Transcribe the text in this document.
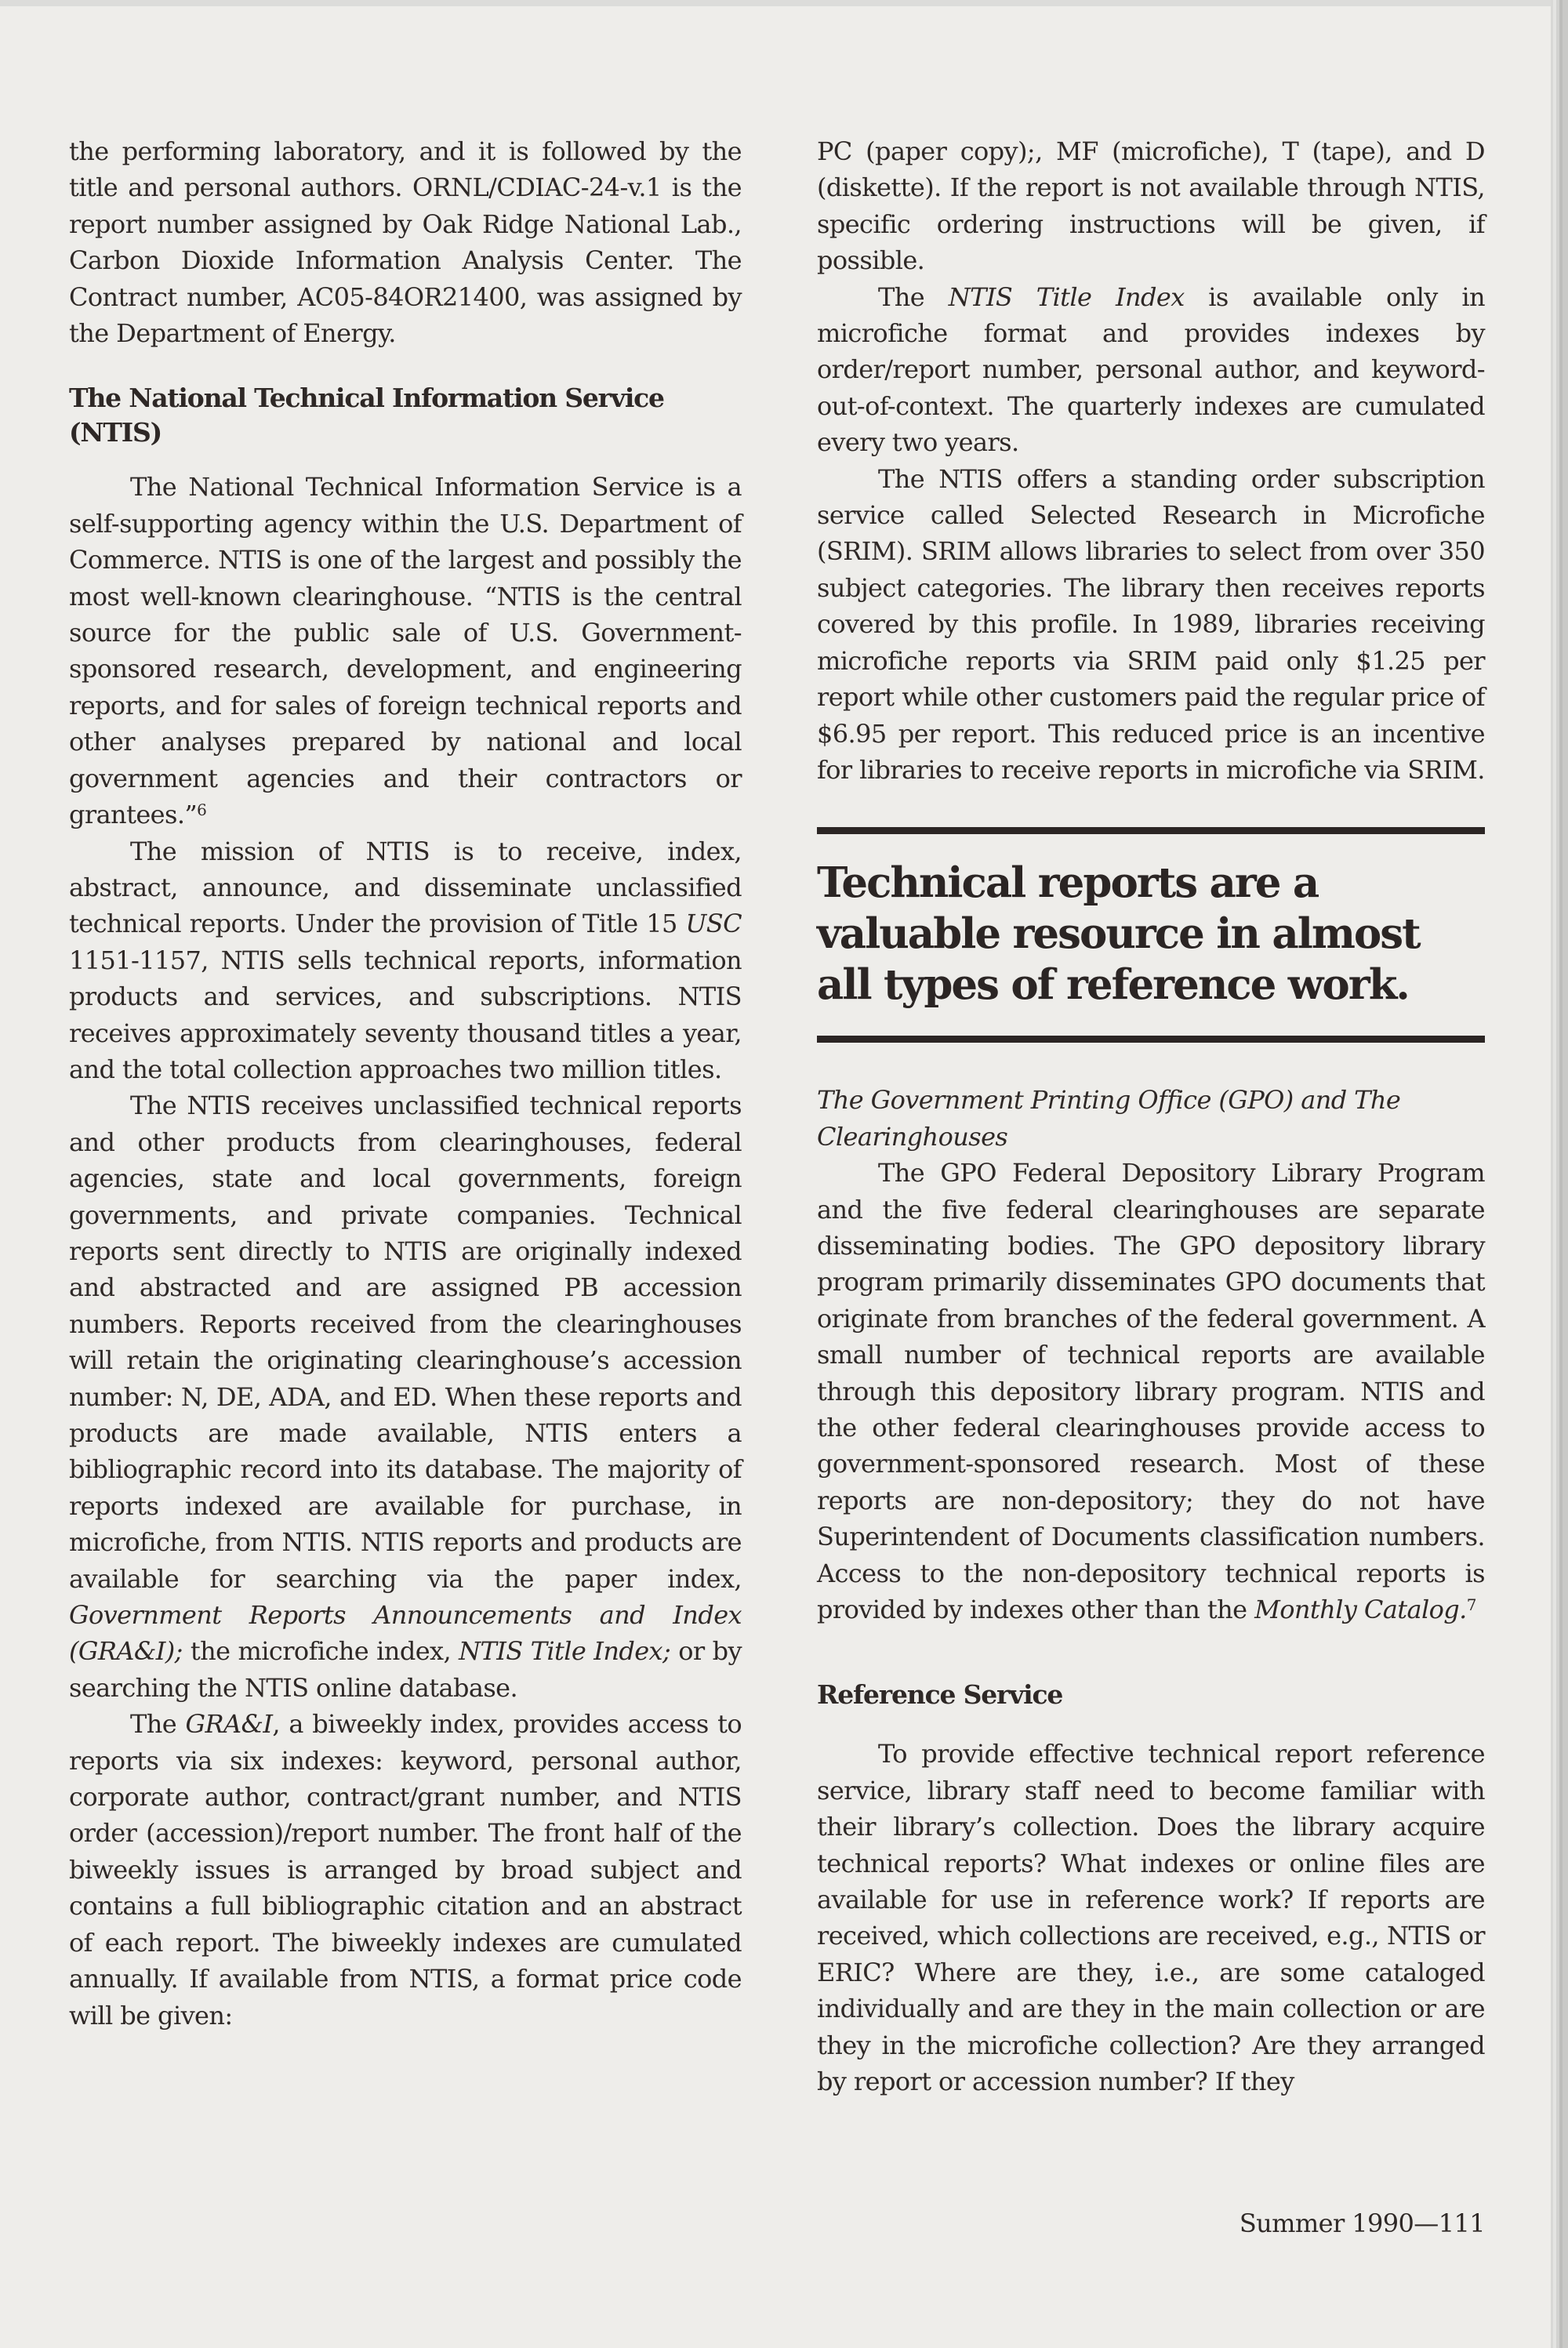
the performing laboratory, and it is followed by the title and personal authors. ORNL/CDIAC-24-v.1 is the report number assigned by Oak Ridge National Lab., Carbon Dioxide Information Analysis Center. The Contract number, AC05-84OR21400, was assigned by the Department of Energy.

The National Technical Information Service (NTIS)

The National Technical Information Service is a self-supporting agency within the U.S. Department of Commerce. NTIS is one of the largest and possibly the most well-known clearinghouse. “NTIS is the central source for the public sale of U.S. Government-sponsored research, development, and engineering reports, and for sales of foreign technical reports and other analyses prepared by national and local government agencies and their contractors or grantees.”$^6$

The mission of NTIS is to receive, index, abstract, announce, and disseminate unclassified technical reports. Under the provision of Title 15 USC 1151-1157, NTIS sells technical reports, information products and services, and subscriptions. NTIS receives approximately seventy thousand titles a year, and the total collection approaches two million titles.

The NTIS receives unclassified technical reports and other products from clearinghouses, federal agencies, state and local governments, foreign governments, and private companies. Technical reports sent directly to NTIS are originally indexed and abstracted and are assigned PB accession numbers. Reports received from the clearinghouses will retain the originating clearinghouse’s accession number: N, DE, ADA, and ED. When these reports and products are made available, NTIS enters a bibliographic record into its database. The majority of reports indexed are available for purchase, in microfiche, from NTIS. NTIS reports and products are available for searching via the paper index, Government Reports Announcements and Index (GRA&I); the microfiche index, NTIS Title Index; or by searching the NTIS online database.

The GRA&I, a biweekly index, provides access to reports via six indexes: keyword, personal author, corporate author, contract/grant number, and NTIS order (accession)/report number. The front half of the biweekly issues is arranged by broad subject and contains a full bibliographic citation and an abstract of each report. The biweekly indexes are cumulated annually. If available from NTIS, a format price code will be given:

PC (paper copy);, MF (microfiche), T (tape), and D (diskette). If the report is not available through NTIS, specific ordering instructions will be given, if possible.

The NTIS Title Index is available only in microfiche format and provides indexes by order/report number, personal author, and keyword-out-of-context. The quarterly indexes are cumulated every two years.

The NTIS offers a standing order subscription service called Selected Research in Microfiche (SRIM). SRIM allows libraries to select from over 350 subject categories. The library then receives reports covered by this profile. In 1989, libraries receiving microfiche reports via SRIM paid only $1.25 per report while other customers paid the regular price of $6.95 per report. This reduced price is an incentive for libraries to receive reports in microfiche via SRIM.

Technical reports are a valuable resource in almost all types of reference work.

The Government Printing Office (GPO) and The Clearinghouses

The GPO Federal Depository Library Program and the five federal clearinghouses are separate disseminating bodies. The GPO depository library program primarily disseminates GPO documents that originate from branches of the federal government. A small number of technical reports are available through this depository library program. NTIS and the other federal clearinghouses provide access to government-sponsored research. Most of these reports are non-depository; they do not have Superintendent of Documents classification numbers. Access to the non-depository technical reports is provided by indexes other than the Monthly Catalog.$^7$

Reference Service

To provide effective technical report reference service, library staff need to become familiar with their library’s collection. Does the library acquire technical reports? What indexes or online files are available for use in reference work? If reports are received, which collections are received, e.g., NTIS or ERIC? Where are they, i.e., are some cataloged individually and are they in the main collection or are they in the microfiche collection? Are they arranged by report or accession number? If they

Summer 1990—111
